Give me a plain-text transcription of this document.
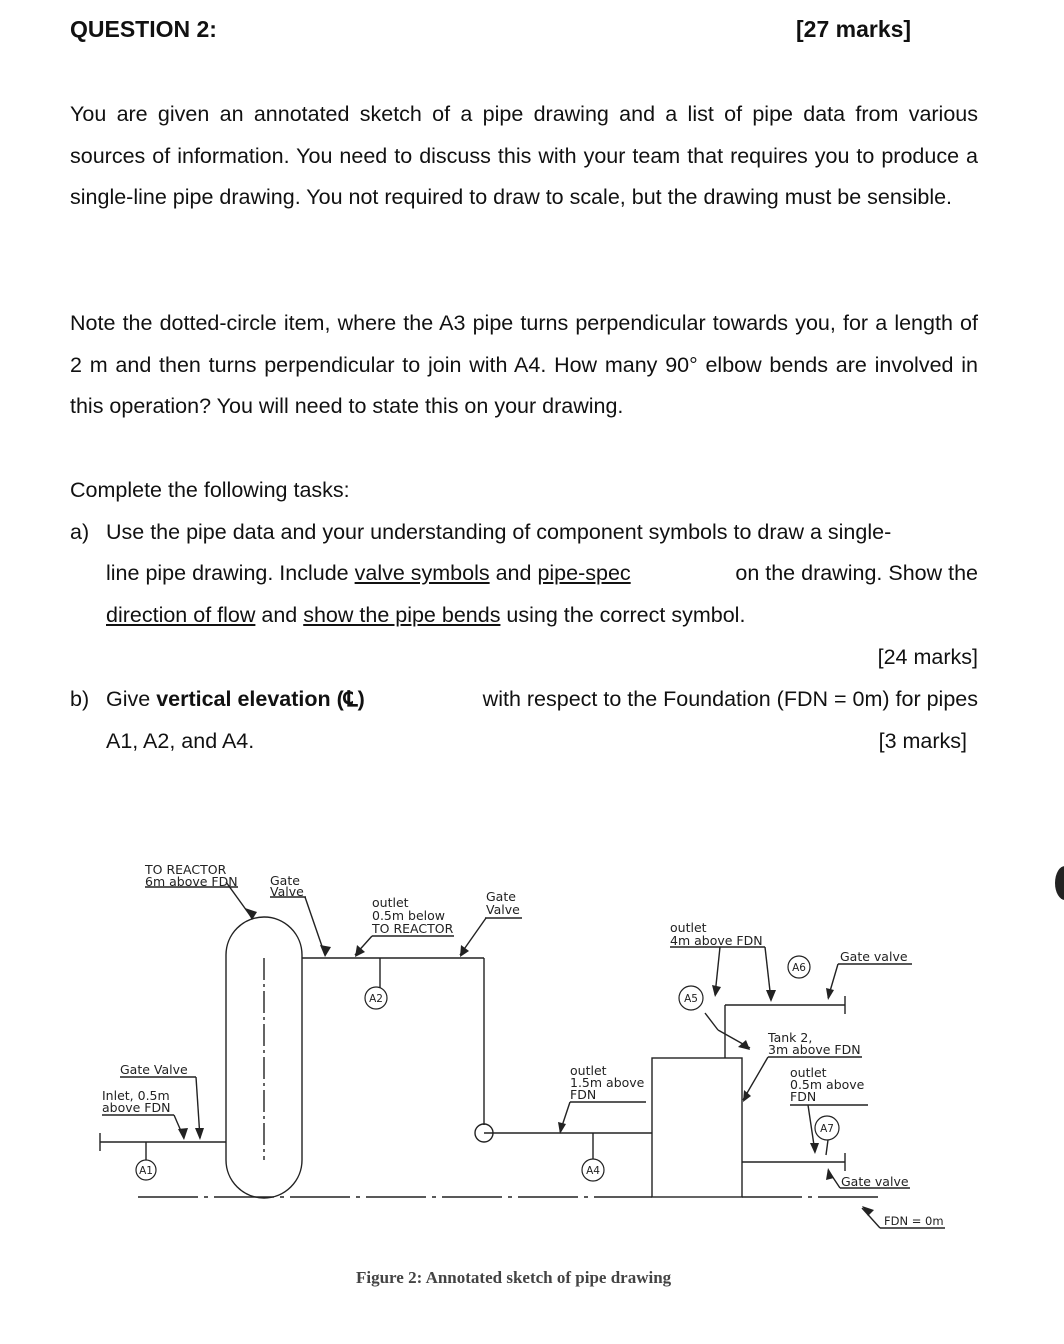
QUESTION 2:	[27 marks]

You are given an annotated sketch of a pipe drawing and a list of pipe data from various sources of information. You need to discuss this with your team that requires you to produce a single-line pipe drawing. You not required to draw to scale, but the drawing must be sensible.

Note the dotted-circle item, where the A3 pipe turns perpendicular towards you, for a length of 2 m and then turns perpendicular to join with A4. How many 90° elbow bends are involved in this operation? You will need to state this on your drawing.

Complete the following tasks:
a) Use the pipe data and your understanding of component symbols to draw a single-
line pipe drawing. Include valve symbols and pipe-spec	on the drawing. Show the
direction of flow and show the pipe bends using the correct symbol.
[24 marks]
b) Give vertical elevation (℄)	with respect to the Foundation (FDN = 0m) for pipes
A1, A2, and A4.	[3 marks]
TO REACTOR
6m above FDN	Gate
Valve
outlet
0.5m below
TO REACTOR
Gate
Valve
outlet
4m above FDN
Gate valve
Tank 2,
3m above FDN
outlet
0.5m above
FDN
Gate valve
FDN = 0m
Gate Valve
Inlet, 0.5m
above FDN
outlet
1.5m above
FDN
A1
A2
A4
A5
A6
A7
Figure 2: Annotated sketch of pipe drawing
